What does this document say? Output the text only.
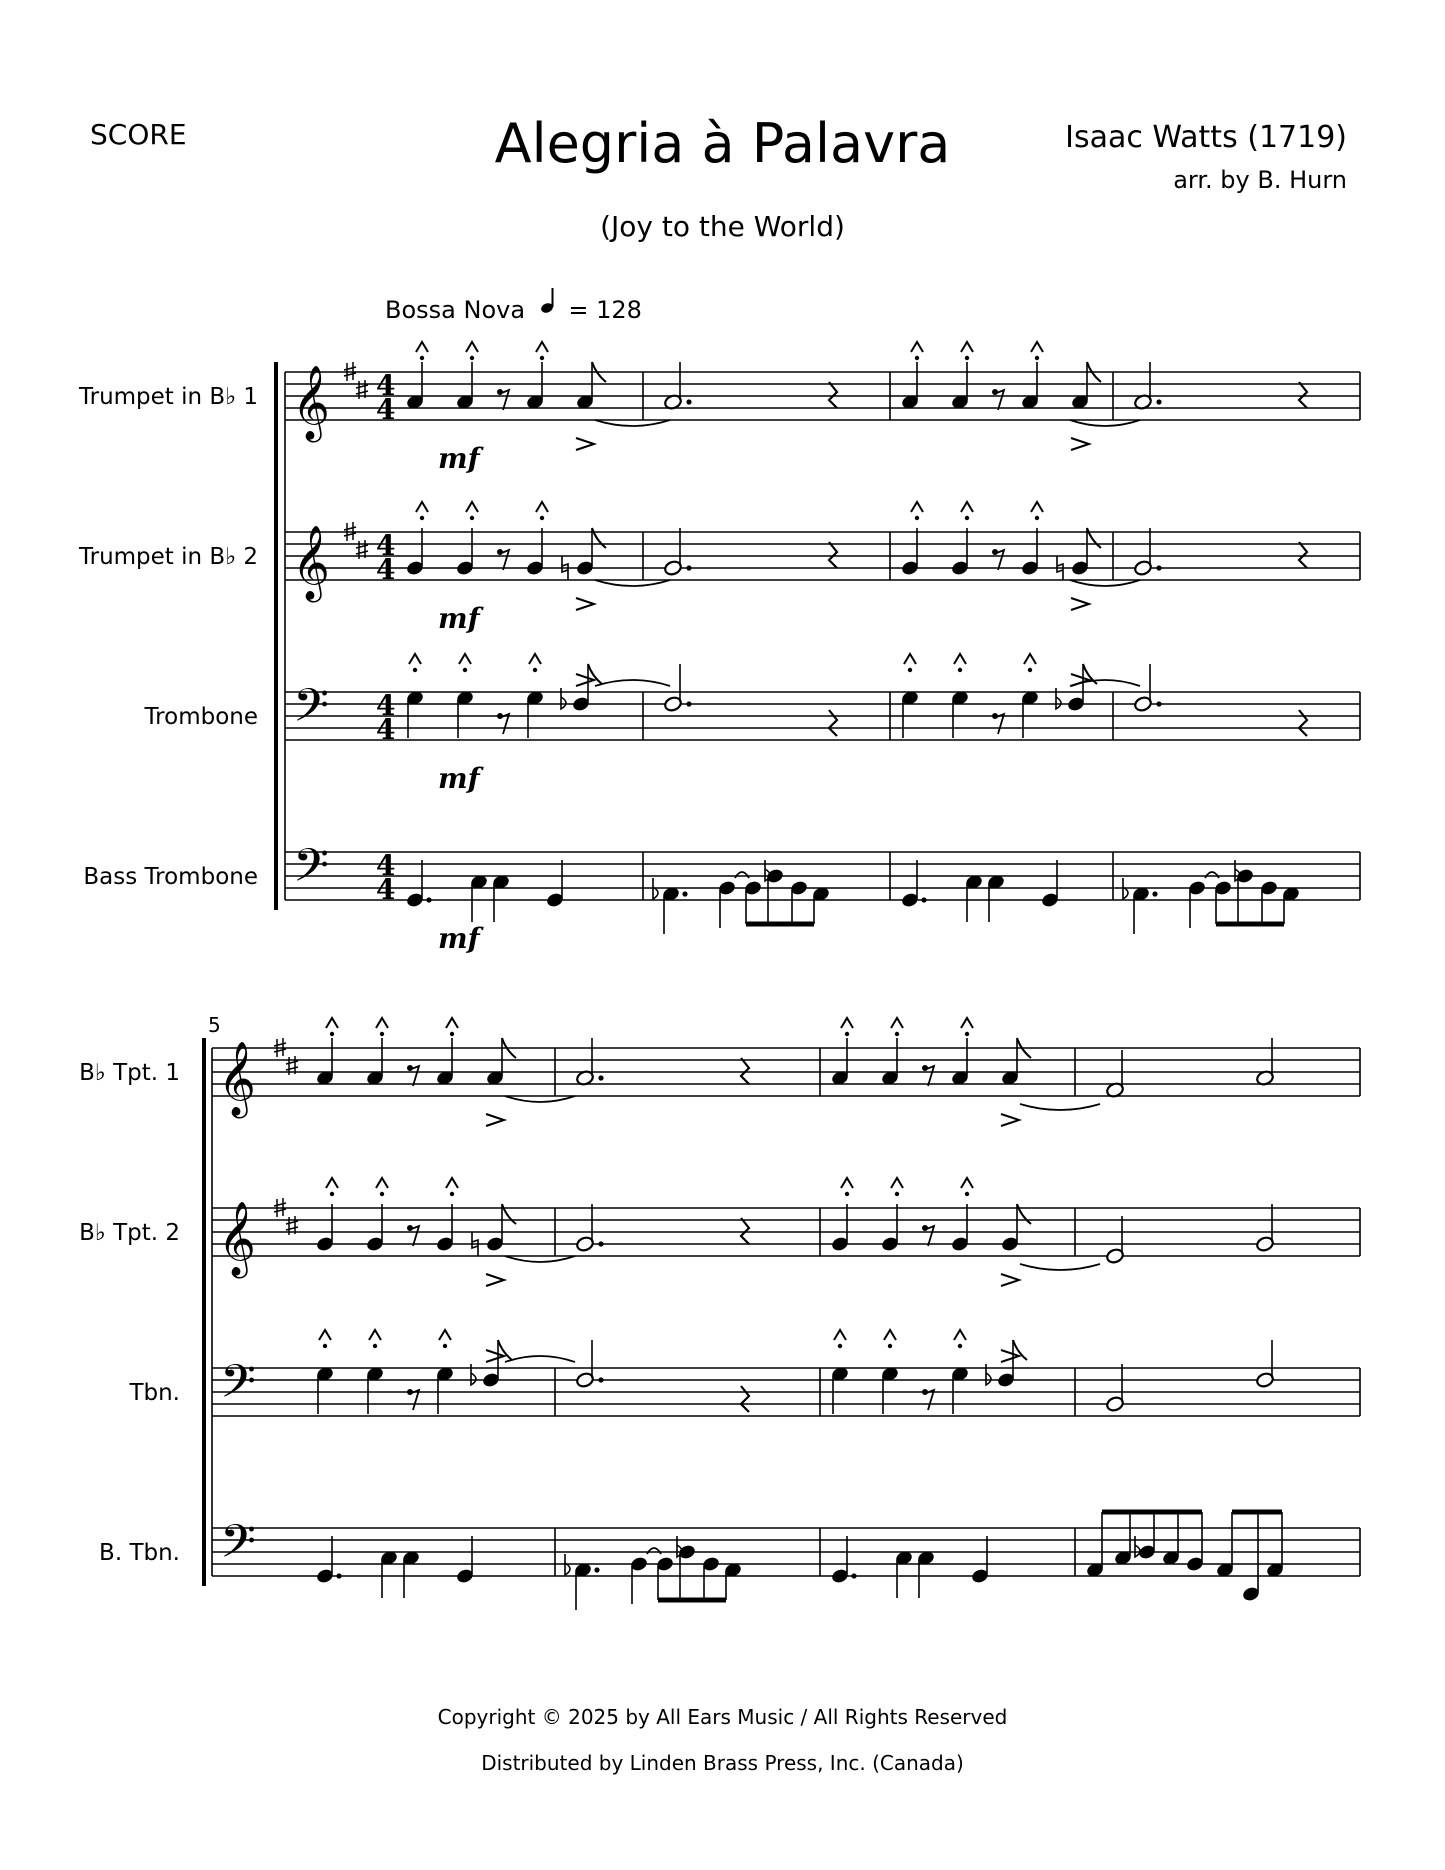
SCORE	Alegria à Palavra
(Joy to the World)
Isaac Watts (1719)
arr. by B. Hurn
Bossa Nova = 128
𝄞 4
4
𝄞 4
4
𝄢 4
4
𝄢 4
4
mf
mf
mf
mf
𝄞
𝄞
𝄢
𝄢
Trumpet in B♭ 1
Trumpet in B♭ 2
Trombone
Bass Trombone
B♭ Tpt. 1
B♭ Tpt. 2
Tbn.
B. Tbn.
5
Copyright © 2025 by All Ears Music / All Rights Reserved
Distributed by Linden Brass Press, Inc. (Canada)
